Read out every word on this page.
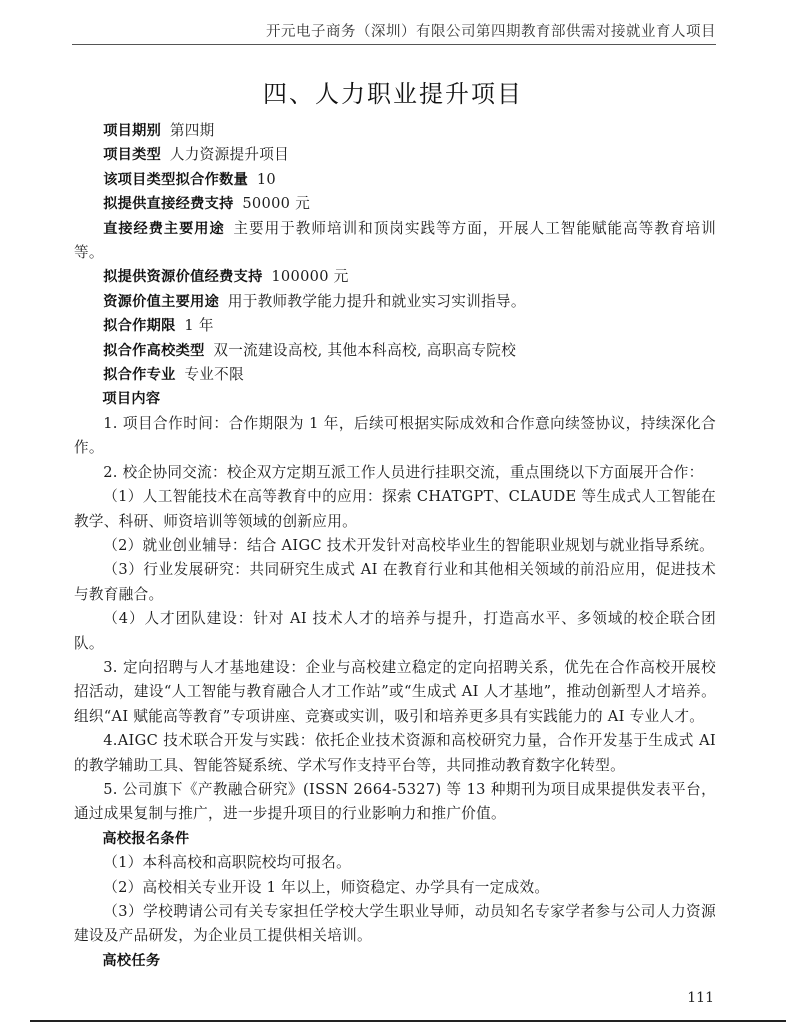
开元电子商务（深圳）有限公司第四期教育部供需对接就业育人项目
四、人力职业提升项目

项目期别 第四期

项目类型 人力资源提升项目

该项目类型拟合作数量 10

拟提供直接经费支持 50000 元

直接经费主要用途 主要用于教师培训和顶岗实践等方面，开展人工智能赋能高等教育培训等。

拟提供资源价值经费支持 100000 元

资源价值主要用途 用于教师教学能力提升和就业实习实训指导。

拟合作期限 1 年

拟合作高校类型 双一流建设高校, 其他本科高校, 高职高专院校

拟合作专业 专业不限

项目内容

1. 项目合作时间：合作期限为 1 年，后续可根据实际成效和合作意向续签协议，持续深化合作。

2. 校企协同交流：校企双方定期互派工作人员进行挂职交流，重点围绕以下方面展开合作：

（1）人工智能技术在高等教育中的应用：探索 CHATGPT、CLAUDE 等生成式人工智能在教学、科研、师资培训等领域的创新应用。

（2）就业创业辅导：结合 AIGC 技术开发针对高校毕业生的智能职业规划与就业指导系统。

（3）行业发展研究：共同研究生成式 AI 在教育行业和其他相关领域的前沿应用，促进技术与教育融合。

（4）人才团队建设：针对 AI 技术人才的培养与提升，打造高水平、多领域的校企联合团队。

3. 定向招聘与人才基地建设：企业与高校建立稳定的定向招聘关系，优先在合作高校开展校招活动，建设“人工智能与教育融合人才工作站”或“生成式 AI 人才基地”，推动创新型人才培养。组织“AI 赋能高等教育”专项讲座、竞赛或实训，吸引和培养更多具有实践能力的 AI 专业人才。

4.AIGC 技术联合开发与实践：依托企业技术资源和高校研究力量，合作开发基于生成式 AI 的教学辅助工具、智能答疑系统、学术写作支持平台等，共同推动教育数字化转型。

5. 公司旗下《产教融合研究》(ISSN 2664-5327) 等 13 种期刊为项目成果提供发表平台，通过成果复制与推广，进一步提升项目的行业影响力和推广价值。

高校报名条件

（1）本科高校和高职院校均可报名。

（2）高校相关专业开设 1 年以上，师资稳定、办学具有一定成效。

（3）学校聘请公司有关专家担任学校大学生职业导师，动员知名专家学者参与公司人力资源建设及产品研发，为企业员工提供相关培训。

高校任务

111
